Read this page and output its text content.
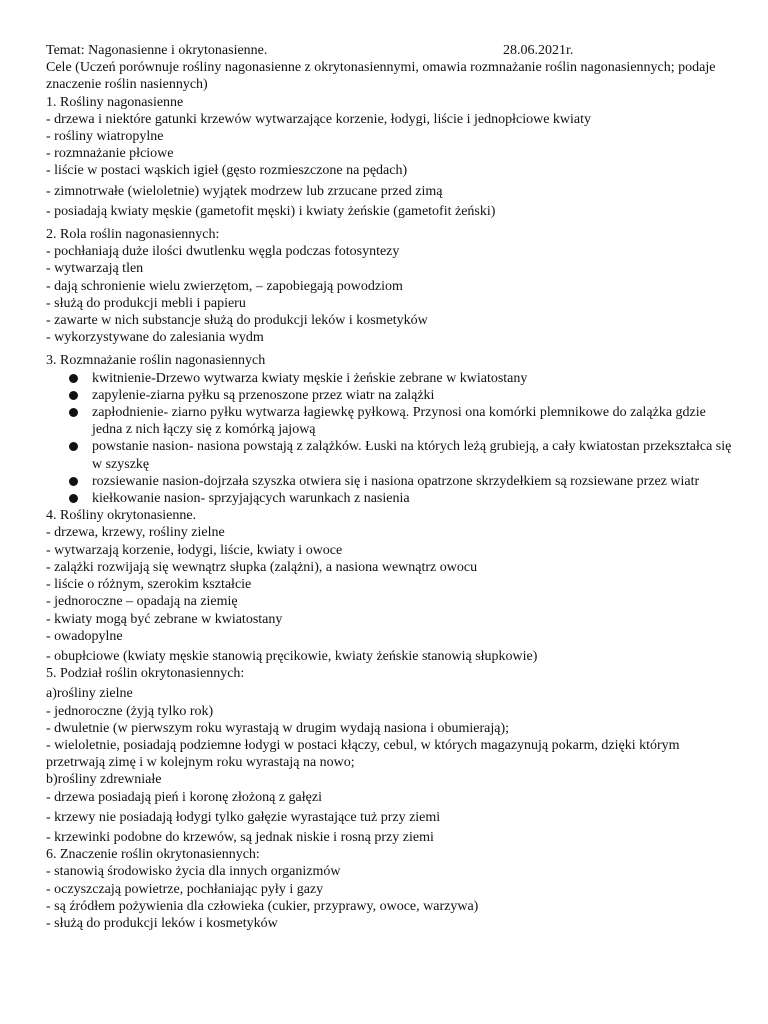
Temat: Nagonasienne i okrytonasienne.	28.06.2021r.
Cele (Uczeń porównuje rośliny nagonasienne z okrytonasiennymi, omawia rozmnażanie roślin nagonasiennych; podaje znaczenie roślin nasiennych)
1. Rośliny nagonasienne
- drzewa i niektóre gatunki krzewów wytwarzające korzenie, łodygi, liście i jednopłciowe kwiaty
- rośliny wiatropylne
- rozmnażanie płciowe
- liście w postaci wąskich igieł (gęsto rozmieszczone na pędach)
- zimnotrwałe (wieloletnie) wyjątek modrzew lub zrzucane przed zimą
- posiadają kwiaty męskie (gametofit męski) i kwiaty żeńskie (gametofit żeński)
2. Rola roślin nagonasiennych:
- pochłaniają duże ilości dwutlenku węgla podczas fotosyntezy
- wytwarzają tlen
- dają schronienie wielu zwierzętom, – zapobiegają powodziom
- służą do produkcji mebli i papieru
- zawarte w nich substancje służą do produkcji leków i kosmetyków
- wykorzystywane do zalesiania wydm
3. Rozmnażanie roślin nagonasiennych
kwitnienie-Drzewo wytwarza kwiaty męskie i żeńskie zebrane w kwiatostany
zapylenie-ziarna pyłku są przenoszone przez wiatr na zalążki
zapłodnienie- ziarno pyłku wytwarza łagiewkę pyłkową. Przynosi ona komórki plemnikowe do zalążka gdzie jedna z nich łączy się z komórką jajową
powstanie nasion- nasiona powstają z zalążków. Łuski na których leżą grubieją, a cały kwiatostan przekształca się w szyszkę
rozsiewanie nasion-dojrzała szyszka otwiera się i nasiona opatrzone skrzydełkiem są rozsiewane przez wiatr
kiełkowanie nasion- sprzyjających warunkach z nasienia
4. Rośliny okrytonasienne.
- drzewa, krzewy, rośliny zielne
- wytwarzają korzenie, łodygi, liście, kwiaty i owoce
- zalążki rozwijają się wewnątrz słupka (zalążni), a nasiona wewnątrz owocu
- liście o różnym, szerokim kształcie
- jednoroczne – opadają na ziemię
- kwiaty mogą być zebrane w kwiatostany
- owadopylne
- obupłciowe (kwiaty męskie stanowią pręcikowie, kwiaty żeńskie stanowią słupkowie)
5. Podział roślin okrytonasiennych:
a)rośliny zielne
- jednoroczne (żyją tylko rok)
- dwuletnie (w pierwszym roku wyrastają w drugim wydają nasiona i obumierają);
- wieloletnie, posiadają podziemne łodygi w postaci kłączy, cebul, w których magazynują pokarm, dzięki którym przetrwają zimę i w kolejnym roku wyrastają na nowo;
b)rośliny zdrewniałe
- drzewa posiadają pień i koronę złożoną z gałęzi
- krzewy nie posiadają łodygi tylko gałęzie wyrastające tuż przy ziemi
- krzewinki podobne do krzewów, są jednak niskie i rosną przy ziemi
6. Znaczenie roślin okrytonasiennych:
- stanowią środowisko życia dla innych organizmów
- oczyszczają powietrze, pochłaniając pyły i gazy
- są źródłem pożywienia dla człowieka (cukier, przyprawy, owoce, warzywa)
- służą do produkcji leków i kosmetyków
